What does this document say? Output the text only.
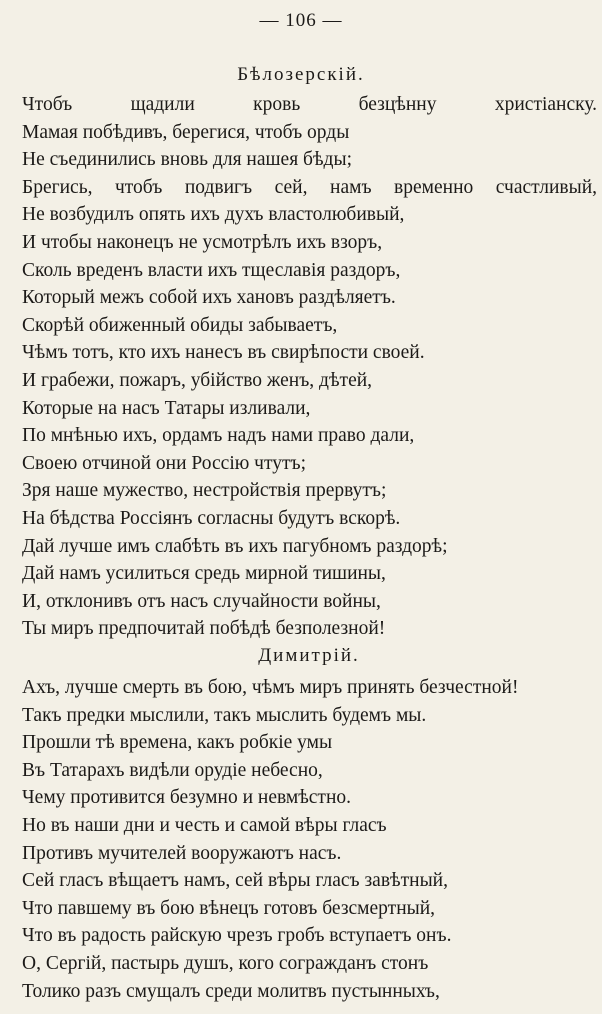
— 106 —
Бѣлозерскій.
Чтобъ щадили кровь безцѣнну христіанску.
Мамая побѣдивъ, берегися, чтобъ орды
Не съединились вновь для нашея бѣды;
Брегись, чтобъ подвигъ сей, намъ временно счастливый,
Не возбудилъ опять ихъ духъ властолюбивый,
И чтобы наконецъ не усмотрѣлъ ихъ взоръ,
Сколь вреденъ власти ихъ тщеславія раздоръ,
Который межъ собой ихъ хановъ раздѣляетъ.
Скорѣй обиженный обиды забываетъ,
Чѣмъ тотъ, кто ихъ нанесъ въ свирѣпости своей.
И грабежи, пожаръ, убійство женъ, дѣтей,
Которые на насъ Татары изливали,
По мнѣнью ихъ, ордамъ надъ нами право дали,
Своею отчиной они Россію чтутъ;
Зря наше мужество, нестройствія прервутъ;
На бѣдства Россіянъ согласны будутъ вскорѣ.
Дай лучше имъ слабѣть въ ихъ пагубномъ раздорѣ;
Дай намъ усилиться средь мирной тишины,
И, отклонивъ отъ насъ случайности войны,
Ты миръ предпочитай побѣдѣ безполезной!
Димитрій.
Ахъ, лучше смерть въ бою, чѣмъ миръ принять безчестной!
Такъ предки мыслили, такъ мыслить будемъ мы.
Прошли тѣ времена, какъ робкіе умы
Въ Татарахъ видѣли орудіе небесно,
Чему противится безумно и невмѣстно.
Но въ наши дни и честь и самой вѣры гласъ
Противъ мучителей вооружаютъ насъ.
Сей гласъ вѣщаетъ намъ, сей вѣры гласъ завѣтный,
Что павшему въ бою вѣнецъ готовъ безсмертный,
Что въ радость райскую чрезъ гробъ вступаетъ онъ.
О, Сергій, пастырь душъ, кого согражданъ стонъ
Толико разъ смущалъ среди молитвъ пустынныхъ,
